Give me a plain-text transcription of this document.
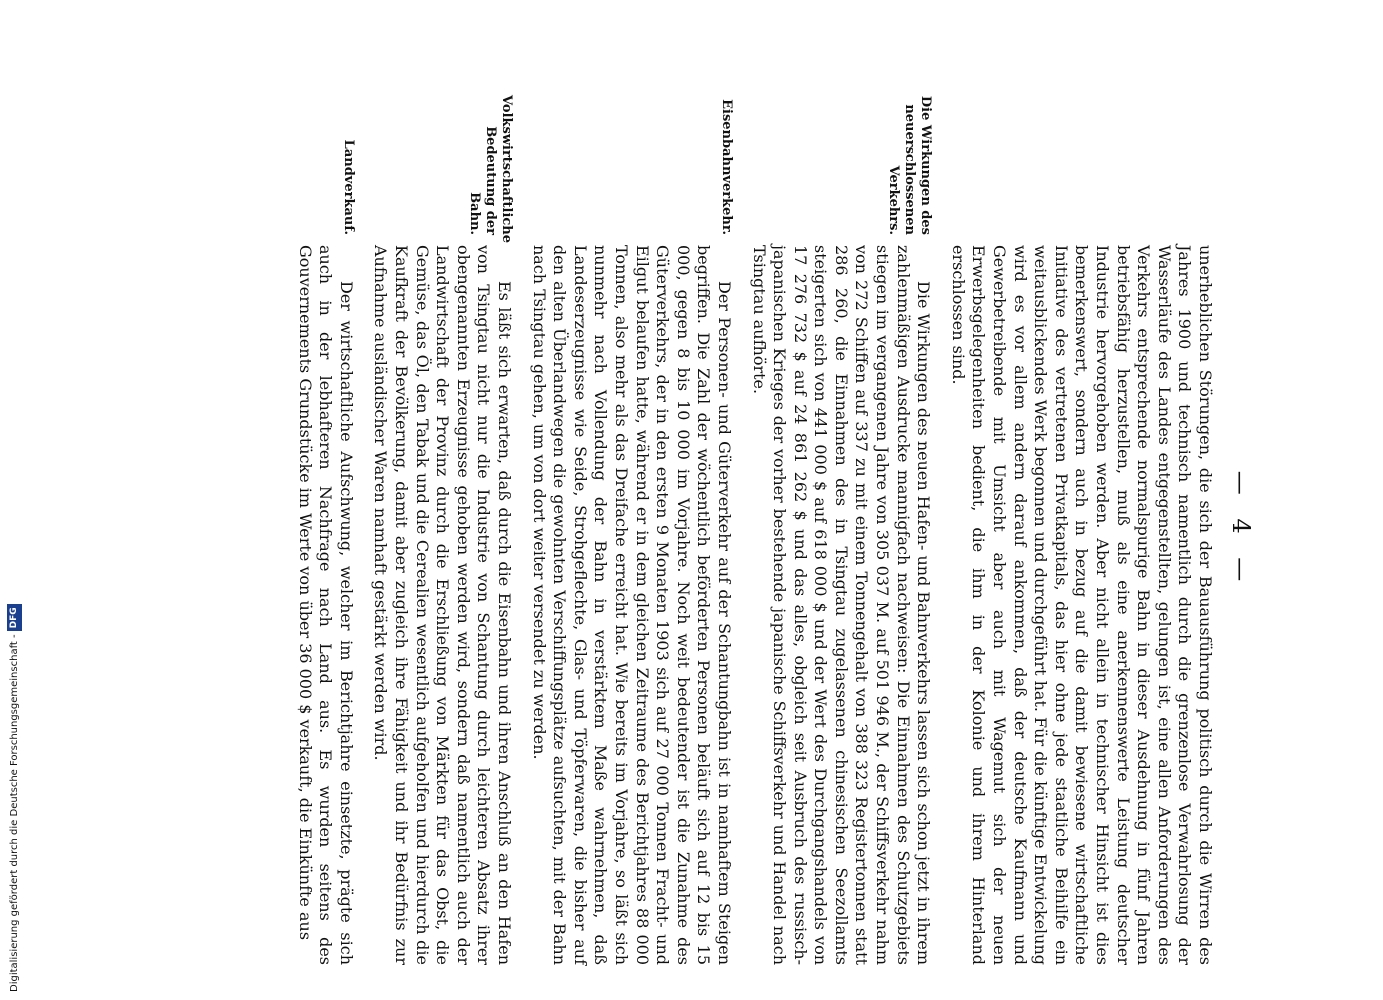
— 4 —
unerheblichen Störungen, die sich der Bauausführung politisch durch die Wirren des Jahres 1900 und technisch namentlich durch die grenzenlose Verwahrlosung der Wasserläufe des Landes entgegenstellten, gelungen ist, eine allen Anforderungen des Verkehrs entsprechende normalspurige Bahn in dieser Ausdehnung in fünf Jahren betriebsfähig herzustellen, muß als eine anerkennenswerte Leistung deutscher Industrie hervorgehoben werden. Aber nicht allein in technischer Hinsicht ist dies bemerkenswert, sondern auch in bezug auf die damit bewiesene wirtschaftliche Initiative des vertretenen Privatkapitals, das hier ohne jede staatliche Beihilfe ein weitausblickendes Werk begonnen und durchgeführt hat. Für die künftige Entwickelung wird es vor allem andern darauf ankommen, daß der deutsche Kaufmann und Gewerbetreibende mit Umsicht aber auch mit Wagemut sich der neuen Erwerbsgelegenheiten bedient, die ihm in der Kolonie und ihrem Hinterland erschlossen sind.
Die Wirkungen des neuerschlossenen Verkehrs.
Die Wirkungen des neuen Hafen- und Bahnverkehrs lassen sich schon jetzt in ihrem zahlenmäßigen Ausdrucke mannigfach nachweisen: Die Einnahmen des Schutzgebiets stiegen im vergangenen Jahre von 305 037 M. auf 501 946 M., der Schiffsverkehr nahm von 272 Schiffen auf 337 zu mit einem Tonnengehalt von 388 323 Registertonnen statt 286 260, die Einnahmen des in Tsingtau zugelassenen chinesischen Seezollamts steigerten sich von 441 000 $ auf 618 000 $ und der Wert des Durchgangshandels von 17 276 732 $ auf 24 861 262 $ und das alles, obgleich seit Ausbruch des russisch-japanischen Krieges der vorher bestehende japanische Schiffsverkehr und Handel nach Tsingtau aufhörte.
Eisenbahnverkehr.
Der Personen- und Güterverkehr auf der Schantungbahn ist in namhaftem Steigen begriffen. Die Zahl der wöchentlich beförderten Personen beläuft sich auf 12 bis 15 000, gegen 8 bis 10 000 im Vorjahre. Noch weit bedeutender ist die Zunahme des Güterverkehrs, der in den ersten 9 Monaten 1903 sich auf 27 000 Tonnen Fracht- und Eilgut belaufen hatte, während er in dem gleichen Zeitraume des Berichtjahres 88 000 Tonnen, also mehr als das Dreifache erreicht hat. Wie bereits im Vorjahre, so läßt sich nunmehr nach Vollendung der Bahn in verstärktem Maße wahrnehmen, daß Landeserzeugnisse wie Seide, Strohgeflechte, Glas- und Töpferwaren, die bisher auf den alten Überlandwegen die gewohnten Verschiffungsplätze aufsuchten, mit der Bahn nach Tsingtau gehen, um von dort weiter versendet zu werden.
Volkswirtschaftliche Bedeutung der Bahn.
Es läßt sich erwarten, daß durch die Eisenbahn und ihren Anschluß an den Hafen von Tsingtau nicht nur die Industrie von Schantung durch leichteren Absatz ihrer obengenannten Erzeugnisse gehoben werden wird, sondern daß namentlich auch der Landwirtschaft der Provinz durch die Erschließung von Märkten für das Obst, die Gemüse, das Öl, den Tabak und die Cerealien wesentlich aufgeholfen und hierdurch die Kaufkraft der Bevölkerung, damit aber zugleich ihre Fähigkeit und ihr Bedürfnis zur Aufnahme ausländischer Waren namhaft gestärkt werden wird.
Landverkauf.
Der wirtschaftliche Aufschwung, welcher im Berichtjahre einsetzte, prägte sich auch in der lebhafteren Nachfrage nach Land aus. Es wurden seitens des Gouvernements Grundstücke im Werte von über 36 000 $ verkauft, die Einkünfte aus
Digitalisierung gefördert durch die Deutsche Forschungsgemeinschaft -
DFG
